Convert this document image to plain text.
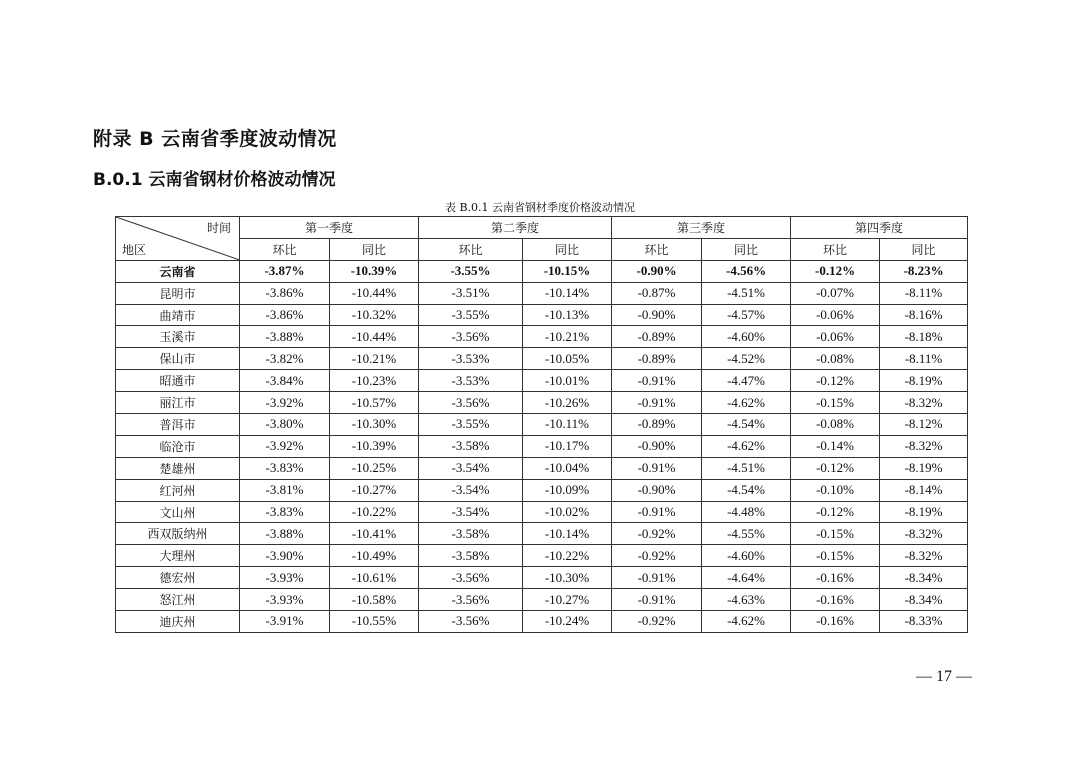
附录 B 云南省季度波动情况
B.0.1 云南省钢材价格波动情况
表 B.0.1 云南省钢材季度价格波动情况
时间
地区	第一季度		第二季度		第三季度		第四季度	
	环比	同比	环比	同比	环比	同比	环比	同比
云南省	-3.87%	-10.39%	-3.55%	-10.15%	-0.90%	-4.56%	-0.12%	-8.23%
昆明市	-3.86%	-10.44%	-3.51%	-10.14%	-0.87%	-4.51%	-0.07%	-8.11%
曲靖市	-3.86%	-10.32%	-3.55%	-10.13%	-0.90%	-4.57%	-0.06%	-8.16%
玉溪市	-3.88%	-10.44%	-3.56%	-10.21%	-0.89%	-4.60%	-0.06%	-8.18%
保山市	-3.82%	-10.21%	-3.53%	-10.05%	-0.89%	-4.52%	-0.08%	-8.11%
昭通市	-3.84%	-10.23%	-3.53%	-10.01%	-0.91%	-4.47%	-0.12%	-8.19%
丽江市	-3.92%	-10.57%	-3.56%	-10.26%	-0.91%	-4.62%	-0.15%	-8.32%
普洱市	-3.80%	-10.30%	-3.55%	-10.11%	-0.89%	-4.54%	-0.08%	-8.12%
临沧市	-3.92%	-10.39%	-3.58%	-10.17%	-0.90%	-4.62%	-0.14%	-8.32%
楚雄州	-3.83%	-10.25%	-3.54%	-10.04%	-0.91%	-4.51%	-0.12%	-8.19%
红河州	-3.81%	-10.27%	-3.54%	-10.09%	-0.90%	-4.54%	-0.10%	-8.14%
文山州	-3.83%	-10.22%	-3.54%	-10.02%	-0.91%	-4.48%	-0.12%	-8.19%
西双版纳州	-3.88%	-10.41%	-3.58%	-10.14%	-0.92%	-4.55%	-0.15%	-8.32%
大理州	-3.90%	-10.49%	-3.58%	-10.22%	-0.92%	-4.60%	-0.15%	-8.32%
德宏州	-3.93%	-10.61%	-3.56%	-10.30%	-0.91%	-4.64%	-0.16%	-8.34%
怒江州	-3.93%	-10.58%	-3.56%	-10.27%	-0.91%	-4.63%	-0.16%	-8.34%
迪庆州	-3.91%	-10.55%	-3.56%	-10.24%	-0.92%	-4.62%	-0.16%	-8.33%
— 17 —
